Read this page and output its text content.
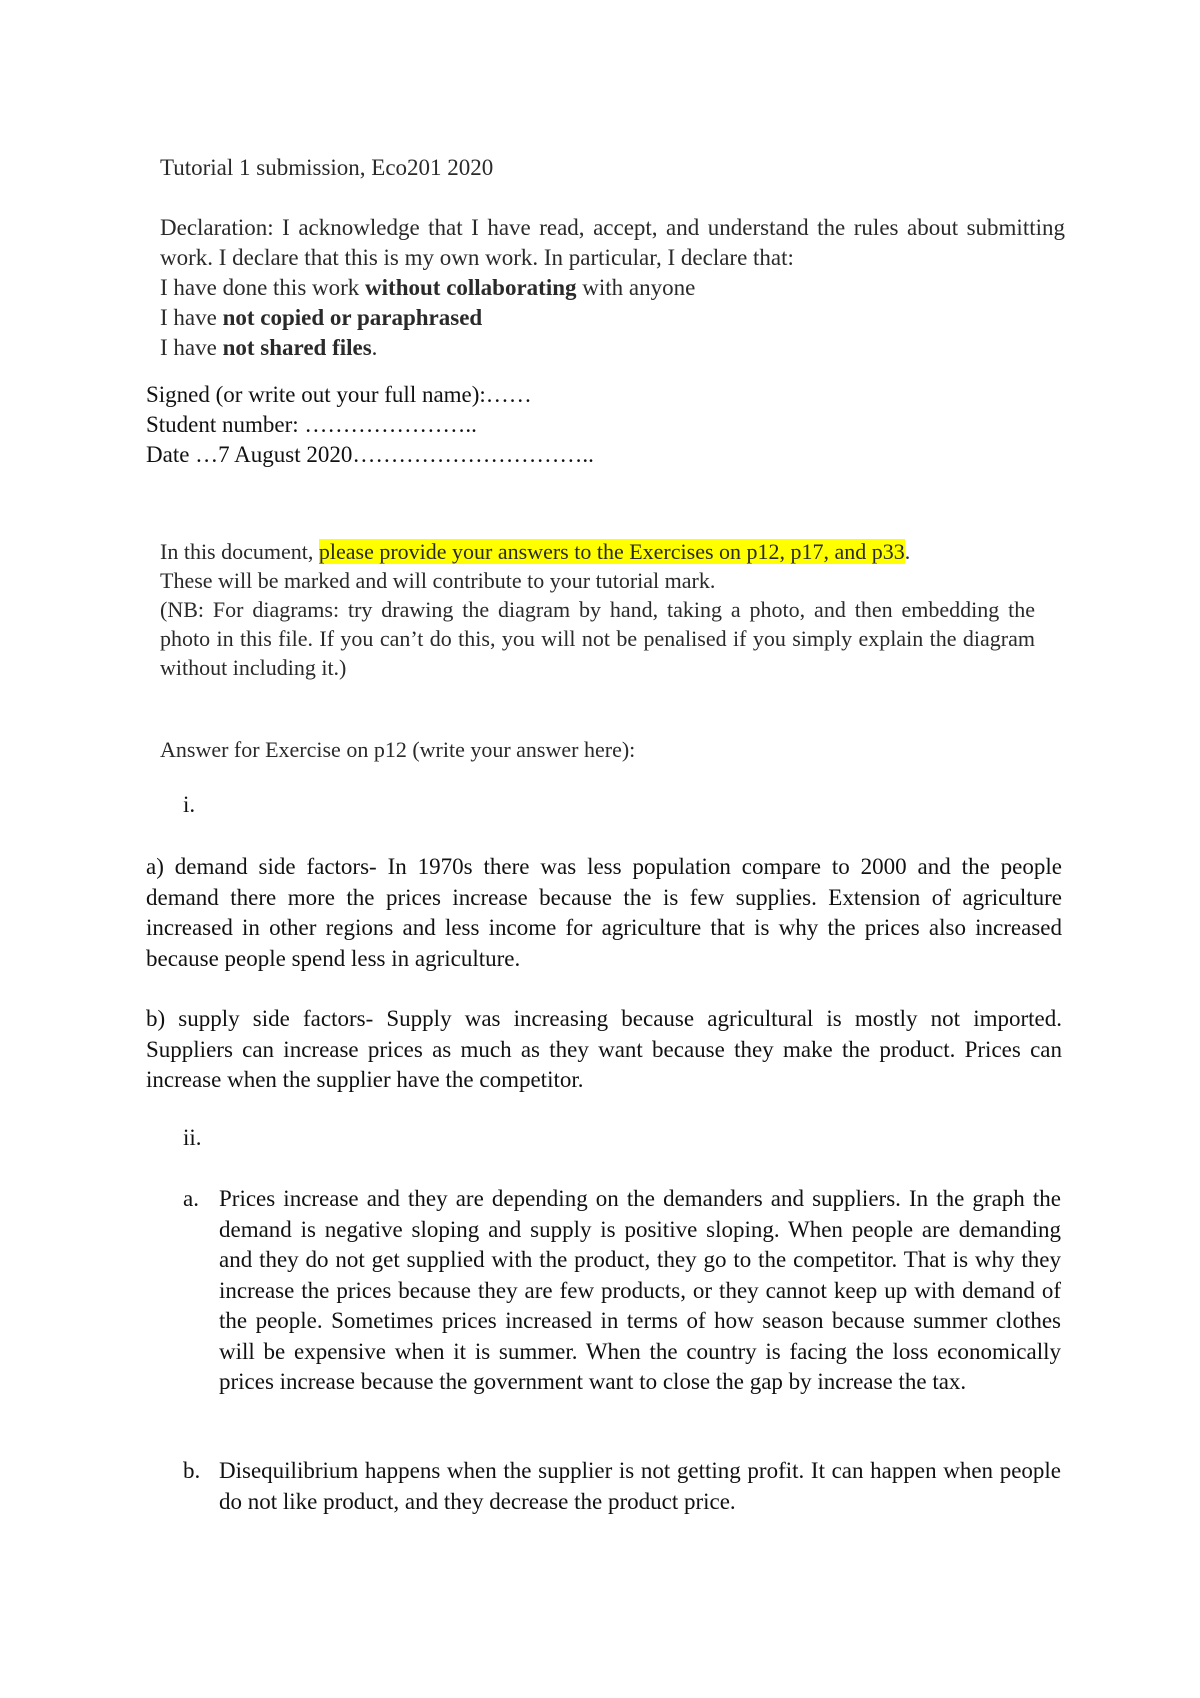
Tutorial 1 submission, Eco201 2020
Declaration: I acknowledge that I have read, accept, and understand the rules about submitting work. I declare that this is my own work. In particular, I declare that:
I have done this work without collaborating with anyone
I have not copied or paraphrased
I have not shared files.
Signed (or write out your full name):……
Student number: …………………..
Date …7 August 2020…………………………..
In this document, please provide your answers to the Exercises on p12, p17, and p33.
These will be marked and will contribute to your tutorial mark.
(NB: For diagrams: try drawing the diagram by hand, taking a photo, and then embedding the photo in this file. If you can’t do this, you will not be penalised if you simply explain the diagram without including it.)
Answer for Exercise on p12 (write your answer here):
i.
a) demand side factors- In 1970s there was less population compare to 2000 and the people demand there more the prices increase because the is few supplies. Extension of agriculture increased in other regions and less income for agriculture that is why the prices also increased because people spend less in agriculture.
b) supply side factors- Supply was increasing because agricultural is mostly not imported. Suppliers can increase prices as much as they want because they make the product. Prices can increase when the supplier have the competitor.
ii.
a. Prices increase and they are depending on the demanders and suppliers. In the graph the demand is negative sloping and supply is positive sloping. When people are demanding and they do not get supplied with the product, they go to the competitor. That is why they increase the prices because they are few products, or they cannot keep up with demand of the people. Sometimes prices increased in terms of how season because summer clothes will be expensive when it is summer. When the country is facing the loss economically prices increase because the government want to close the gap by increase the tax.
b. Disequilibrium happens when the supplier is not getting profit. It can happen when people do not like product, and they decrease the product price.
